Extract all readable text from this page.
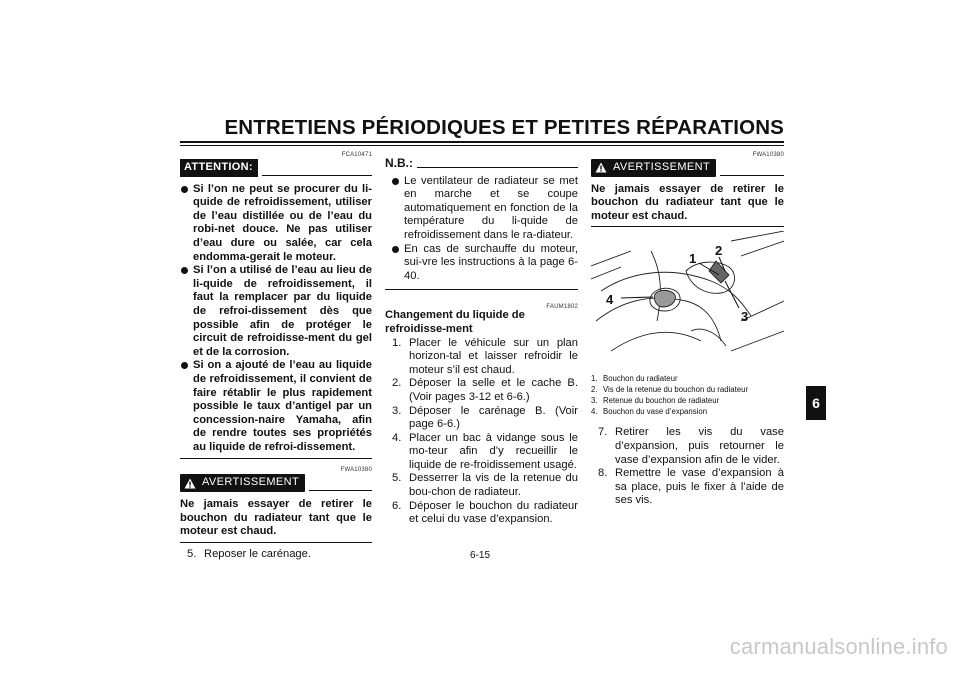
ENTRETIENS PÉRIODIQUES ET PETITES RÉPARATIONS
6
FCA10471
ATTENTION:
Si l’on ne peut se procurer du li-quide de refroidissement, utiliser de l’eau distillée ou de l’eau du robi-net douce. Ne pas utiliser d’eau dure ou salée, car cela endomma-gerait le moteur.
Si l’on a utilisé de l’eau au lieu de li-quide de refroidissement, il faut la remplacer par du liquide de refroi-dissement dès que possible afin de protéger le circuit de refroidisse-ment du gel et de la corrosion.
Si on a ajouté de l’eau au liquide de refroidissement, il convient de faire rétablir le plus rapidement possible le taux d’antigel par un concession-naire Yamaha, afin de rendre toutes ses propriétés au liquide de refroi-dissement.
FWA10380
AVERTISSEMENT
Ne jamais essayer de retirer le bouchon du radiateur tant que le moteur est chaud.
5. Reposer le carénage.
N.B.:
Le ventilateur de radiateur se met en marche et se coupe automatiquement en fonction de la température du li-quide de refroidissement dans le ra-diateur.
En cas de surchauffe du moteur, sui-vre les instructions à la page 6-40.
FAUM1802
Changement du liquide de refroidisse-ment
1. Placer le véhicule sur un plan horizon-tal et laisser refroidir le moteur s’il est chaud.
2. Déposer la selle et le cache B. (Voir pages 3-12 et 6-6.)
3. Déposer le carénage B. (Voir page 6-6.)
4. Placer un bac à vidange sous le mo-teur afin d’y recueillir le liquide de re-froidissement usagé.
5. Desserrer la vis de la retenue du bou-chon de radiateur.
6. Déposer le bouchon du radiateur et celui du vase d’expansion.
FWA10380
AVERTISSEMENT
Ne jamais essayer de retirer le bouchon du radiateur tant que le moteur est chaud.
1
2
3
4
1. Bouchon du radiateur
2. Vis de la retenue du bouchon du radiateur
3. Retenue du bouchon de radiateur
4. Bouchon du vase d’expansion
7. Retirer les vis du vase d’expansion, puis retourner le vase d’expansion afin de le vider.
8. Remettre le vase d’expansion à sa place, puis le fixer à l’aide de ses vis.
6-15
carmanualsonline.info
